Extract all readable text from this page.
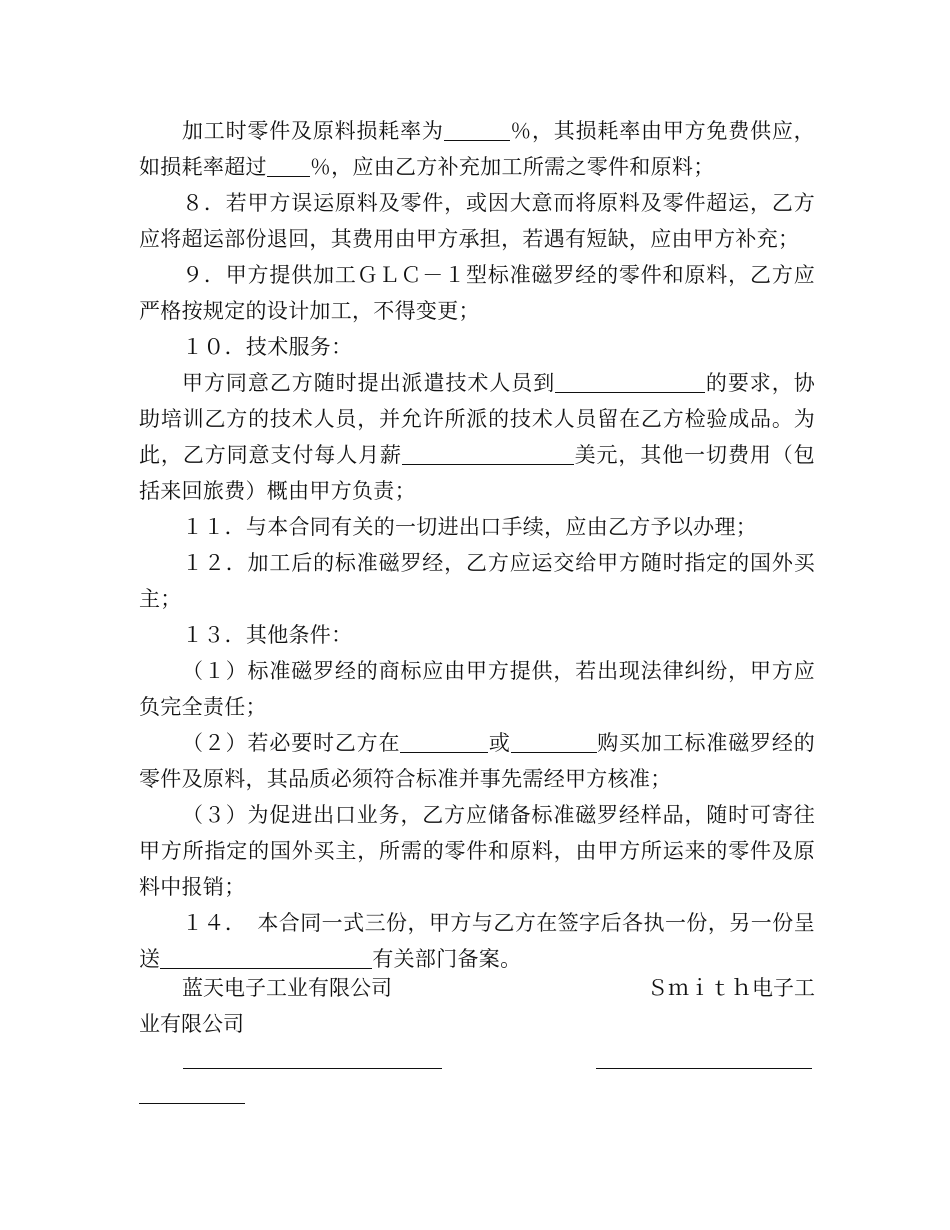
加工时零件及原料损耗率为	％，其损耗率由甲方免费供应，如损耗率超过 ％，应由乙方补充加工所需之零件和原料；

８．若甲方误运原料及零件，或因大意而将原料及零件超运，乙方应将超运部份退回，其费用由甲方承担，若遇有短缺，应由甲方补充；

９．甲方提供加工ＧＬＣ－１型标准磁罗经的零件和原料，乙方应严格按规定的设计加工，不得变更；

１０．技术服务：

甲方同意乙方随时提出派遣技术人员到	的要求，协助培训乙方的技术人员，并允许所派的技术人员留在乙方检验成品。为此，乙方同意支付每人月薪	美元，其他一切费用（包括来回旅费）概由甲方负责；

１１．与本合同有关的一切进出口手续，应由乙方予以办理；

１２．加工后的标准磁罗经，乙方应运交给甲方随时指定的国外买主；

１３．其他条件：

（１）标准磁罗经的商标应由甲方提供，若出现法律纠纷，甲方应负完全责任；

（２）若必要时乙方在	或	购买加工标准磁罗经的零件及原料，其品质必须符合标准并事先需经甲方核准；

（３）为促进出口业务，乙方应储备标准磁罗经样品，随时可寄往甲方所指定的国外买主，所需的零件和原料，由甲方所运来的零件及原料中报销；

１４．　本合同一式三份，甲方与乙方在签字后各执一份，另一份呈送	有关部门备案。

蓝天电子工业有限公司	Ｓｍｉｔｈ电子工
业有限公司
